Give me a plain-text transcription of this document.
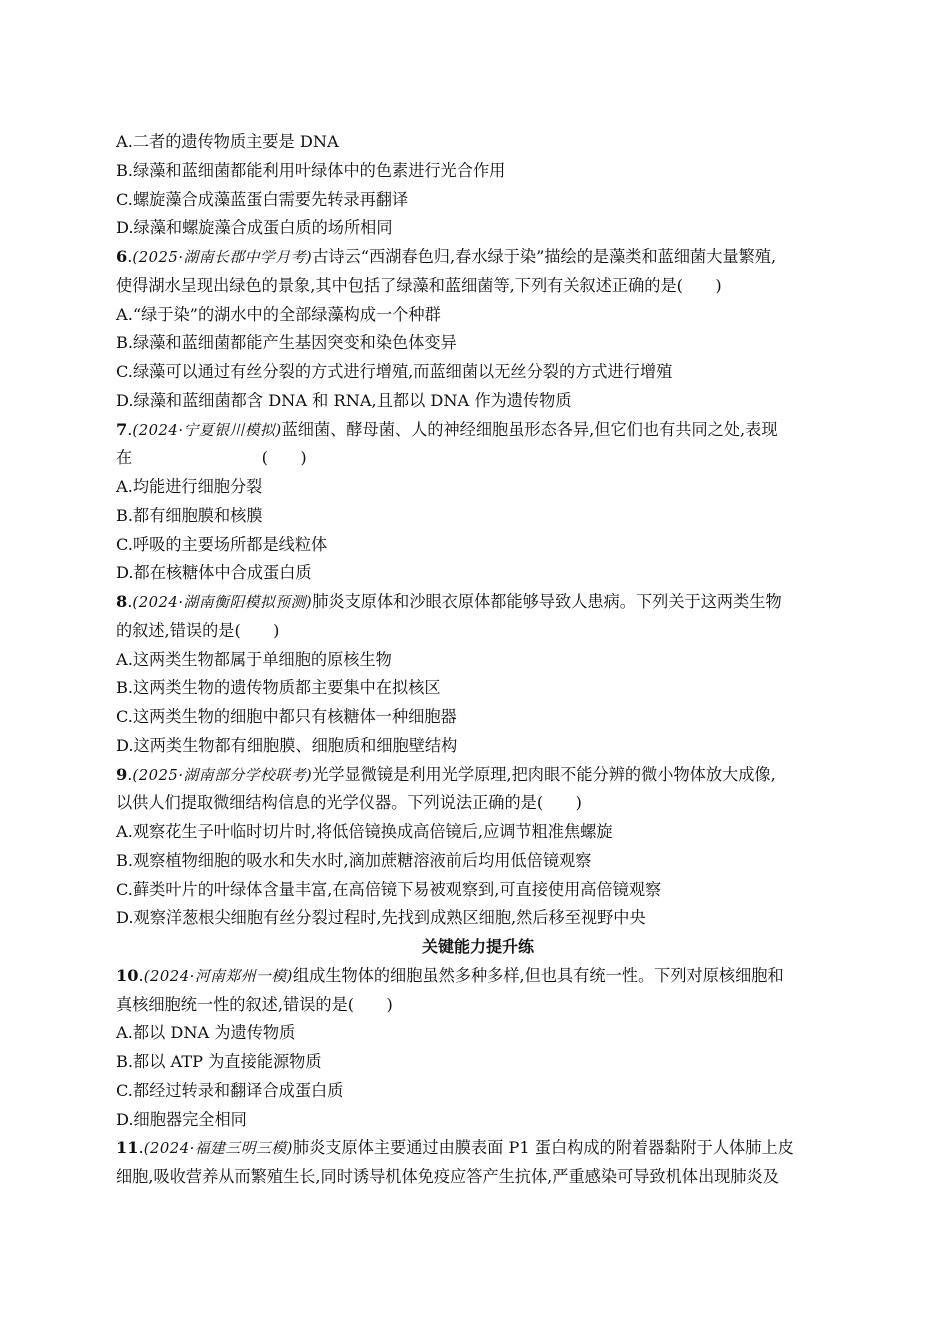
A.二者的遗传物质主要是 DNA
B.绿藻和蓝细菌都能利用叶绿体中的色素进行光合作用
C.螺旋藻合成藻蓝蛋白需要先转录再翻译
D.绿藻和螺旋藻合成蛋白质的场所相同
6.(2025·湖南长郡中学月考)古诗云“西湖春色归,春水绿于染”描绘的是藻类和蓝细菌大量繁殖,
使得湖水呈现出绿色的景象,其中包括了绿藻和蓝细菌等,下列有关叙述正确的是(　　)
A.“绿于染”的湖水中的全部绿藻构成一个种群
B.绿藻和蓝细菌都能产生基因突变和染色体变异
C.绿藻可以通过有丝分裂的方式进行增殖,而蓝细菌以无丝分裂的方式进行增殖
D.绿藻和蓝细菌都含 DNA 和 RNA,且都以 DNA 作为遗传物质
7.(2024·宁夏银川模拟)蓝细菌、酵母菌、人的神经细胞虽形态各异,但它们也有共同之处,表现
在　　　　　　　　(　　)
A.均能进行细胞分裂
B.都有细胞膜和核膜
C.呼吸的主要场所都是线粒体
D.都在核糖体中合成蛋白质
8.(2024·湖南衡阳模拟预测)肺炎支原体和沙眼衣原体都能够导致人患病。下列关于这两类生物
的叙述,错误的是(　　)
A.这两类生物都属于单细胞的原核生物
B.这两类生物的遗传物质都主要集中在拟核区
C.这两类生物的细胞中都只有核糖体一种细胞器
D.这两类生物都有细胞膜、细胞质和细胞壁结构
9.(2025·湖南部分学校联考)光学显微镜是利用光学原理,把肉眼不能分辨的微小物体放大成像,
以供人们提取微细结构信息的光学仪器。下列说法正确的是(　　)
A.观察花生子叶临时切片时,将低倍镜换成高倍镜后,应调节粗准焦螺旋
B.观察植物细胞的吸水和失水时,滴加蔗糖溶液前后均用低倍镜观察
C.藓类叶片的叶绿体含量丰富,在高倍镜下易被观察到,可直接使用高倍镜观察
D.观察洋葱根尖细胞有丝分裂过程时,先找到成熟区细胞,然后移至视野中央
关键能力提升练
10.(2024·河南郑州一模)组成生物体的细胞虽然多种多样,但也具有统一性。下列对原核细胞和
真核细胞统一性的叙述,错误的是(　　)
A.都以 DNA 为遗传物质
B.都以 ATP 为直接能源物质
C.都经过转录和翻译合成蛋白质
D.细胞器完全相同
11.(2024·福建三明三模)肺炎支原体主要通过由膜表面 P1 蛋白构成的附着器黏附于人体肺上皮
细胞,吸收营养从而繁殖生长,同时诱导机体免疫应答产生抗体,严重感染可导致机体出现肺炎及
